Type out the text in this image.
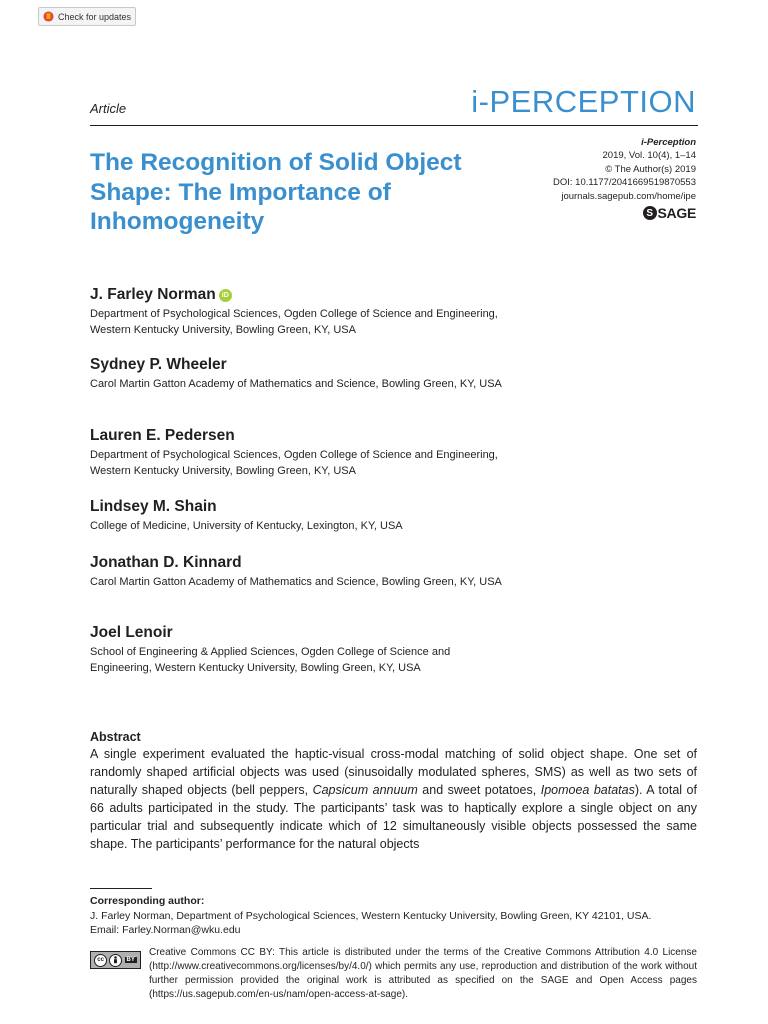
Check for updates
Article	i-PERCEPTION
i-Perception
2019, Vol. 10(4), 1–14
© The Author(s) 2019
DOI: 10.1177/2041669519870553
journals.sagepub.com/home/ipe
S SAGE
The Recognition of Solid Object Shape: The Importance of Inhomogeneity
J. Farley Norman iD
Department of Psychological Sciences, Ogden College of Science and Engineering, Western Kentucky University, Bowling Green, KY, USA
Sydney P. Wheeler
Carol Martin Gatton Academy of Mathematics and Science, Bowling Green, KY, USA
Lauren E. Pedersen
Department of Psychological Sciences, Ogden College of Science and Engineering, Western Kentucky University, Bowling Green, KY, USA
Lindsey M. Shain
College of Medicine, University of Kentucky, Lexington, KY, USA
Jonathan D. Kinnard
Carol Martin Gatton Academy of Mathematics and Science, Bowling Green, KY, USA
Joel Lenoir
School of Engineering & Applied Sciences, Ogden College of Science and Engineering, Western Kentucky University, Bowling Green, KY, USA
Abstract

A single experiment evaluated the haptic-visual cross-modal matching of solid object shape. One set of randomly shaped artificial objects was used (sinusoidally modulated spheres, SMS) as well as two sets of naturally shaped objects (bell peppers, Capsicum annuum and sweet potatoes, Ipomoea batatas). A total of 66 adults participated in the study. The participants’ task was to haptically explore a single object on any particular trial and subsequently indicate which of 12 simultaneously visible objects possessed the same shape. The participants’ performance for the natural objects

Corresponding author:
J. Farley Norman, Department of Psychological Sciences, Western Kentucky University, Bowling Green, KY 42101, USA.
Email: Farley.Norman@wku.edu
cc	BY
Creative Commons CC BY: This article is distributed under the terms of the Creative Commons Attribution 4.0 License (http://www.creativecommons.org/licenses/by/4.0/) which permits any use, reproduction and distribution of the work without further permission provided the original work is attributed as specified on the SAGE and Open Access pages (https://us.sagepub.com/en-us/nam/open-access-at-sage).
